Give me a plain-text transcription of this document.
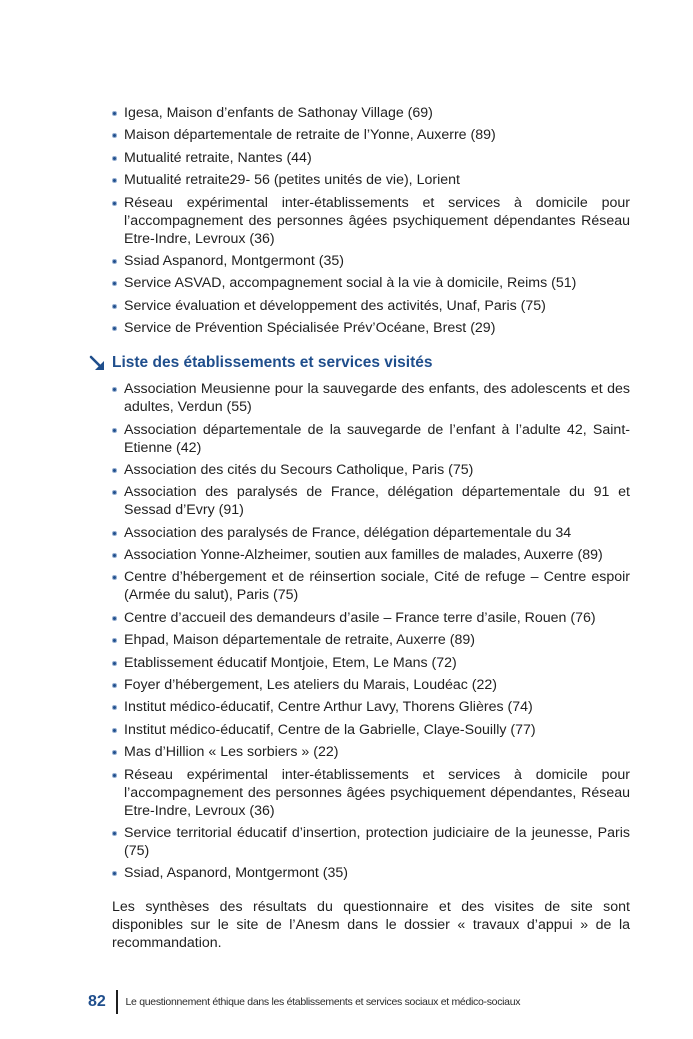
Igesa, Maison d’enfants de Sathonay Village (69)
Maison départementale de retraite de l’Yonne, Auxerre (89)
Mutualité retraite, Nantes (44)
Mutualité retraite29- 56 (petites unités de vie), Lorient
Réseau expérimental inter-établissements et services à domicile pour l’accompagnement des personnes âgées psychiquement dépendantes Réseau Etre-Indre, Levroux (36)
Ssiad Aspanord, Montgermont (35)
Service ASVAD, accompagnement social à la vie à domicile, Reims (51)
Service évaluation et développement des activités, Unaf, Paris (75)
Service de Prévention Spécialisée Prév’Océane, Brest (29)
Liste des établissements et services visités
Association Meusienne pour la sauvegarde des enfants, des adolescents et des adultes, Verdun (55)
Association départementale de la sauvegarde de l’enfant à l’adulte 42, Saint-Etienne (42)
Association des cités du Secours Catholique, Paris (75)
Association des paralysés de France, délégation départementale du 91 et Sessad d’Evry (91)
Association des paralysés de France, délégation départementale du 34
Association Yonne-Alzheimer, soutien aux familles de malades, Auxerre (89)
Centre d’hébergement et de réinsertion sociale, Cité de refuge – Centre espoir (Armée du salut), Paris (75)
Centre d’accueil des demandeurs d’asile – France terre d’asile, Rouen (76)
Ehpad, Maison départementale de retraite, Auxerre (89)
Etablissement éducatif Montjoie, Etem, Le Mans (72)
Foyer d’hébergement, Les ateliers du Marais, Loudéac (22)
Institut médico-éducatif, Centre Arthur Lavy, Thorens Glières (74)
Institut médico-éducatif, Centre de la Gabrielle, Claye-Souilly (77)
Mas d’Hillion « Les sorbiers » (22)
Réseau expérimental inter-établissements et services à domicile pour l’accompagnement des personnes âgées psychiquement dépendantes, Réseau Etre-Indre, Levroux (36)
Service territorial éducatif d’insertion, protection judiciaire de la jeunesse, Paris (75)
Ssiad, Aspanord, Montgermont (35)

Les synthèses des résultats du questionnaire et des visites de site sont disponibles sur le site de l’Anesm dans le dossier « travaux d’appui » de la recommandation.

82	Le questionnement éthique dans les établissements et services sociaux et médico-sociaux
